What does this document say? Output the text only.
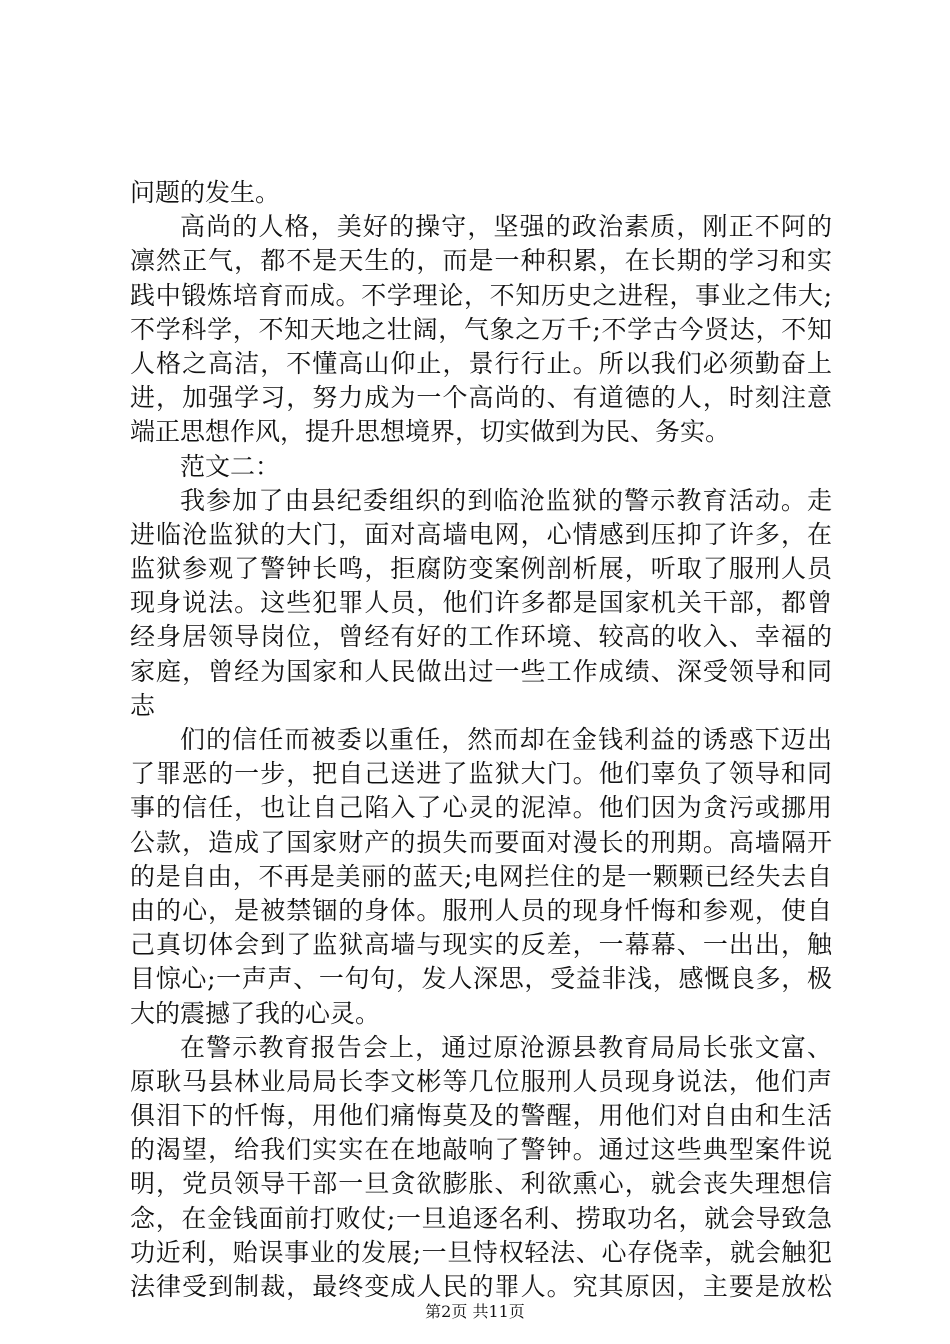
问题的发生。
高尚的人格，美好的操守，坚强的政治素质，刚正不阿的
凛然正气，都不是天生的，而是一种积累，在长期的学习和实
践中锻炼培育而成。不学理论，不知历史之进程，事业之伟大;
不学科学，不知天地之壮阔，气象之万千;不学古今贤达，不知
人格之高洁，不懂高山仰止，景行行止。所以我们必须勤奋上
进，加强学习，努力成为一个高尚的、有道德的人，时刻注意
端正思想作风，提升思想境界，切实做到为民、务实。
范文二：
我参加了由县纪委组织的到临沧监狱的警示教育活动。走
进临沧监狱的大门，面对高墙电网，心情感到压抑了许多，在
监狱参观了警钟长鸣，拒腐防变案例剖析展，听取了服刑人员
现身说法。这些犯罪人员，他们许多都是国家机关干部，都曾
经身居领导岗位，曾经有好的工作环境、较高的收入、幸福的
家庭，曾经为国家和人民做出过一些工作成绩、深受领导和同
志
们的信任而被委以重任，然而却在金钱利益的诱惑下迈出
了罪恶的一步，把自己送进了监狱大门。他们辜负了领导和同
事的信任，也让自己陷入了心灵的泥淖。他们因为贪污或挪用
公款，造成了国家财产的损失而要面对漫长的刑期。高墙隔开
的是自由，不再是美丽的蓝天;电网拦住的是一颗颗已经失去自
由的心，是被禁锢的身体。服刑人员的现身忏悔和参观，使自
己真切体会到了监狱高墙与现实的反差，一幕幕、一出出，触
目惊心;一声声、一句句，发人深思，受益非浅，感慨良多，极
大的震撼了我的心灵。
在警示教育报告会上，通过原沧源县教育局局长张文富、
原耿马县林业局局长李文彬等几位服刑人员现身说法，他们声
俱泪下的忏悔，用他们痛悔莫及的警醒，用他们对自由和生活
的渴望，给我们实实在在地敲响了警钟。通过这些典型案件说
明，党员领导干部一旦贪欲膨胀、利欲熏心，就会丧失理想信
念，在金钱面前打败仗;一旦追逐名利、捞取功名，就会导致急
功近利，贻误事业的发展;一旦恃权轻法、心存侥幸，就会触犯
法律受到制裁，最终变成人民的罪人。究其原因，主要是放松
第2页 共11页
